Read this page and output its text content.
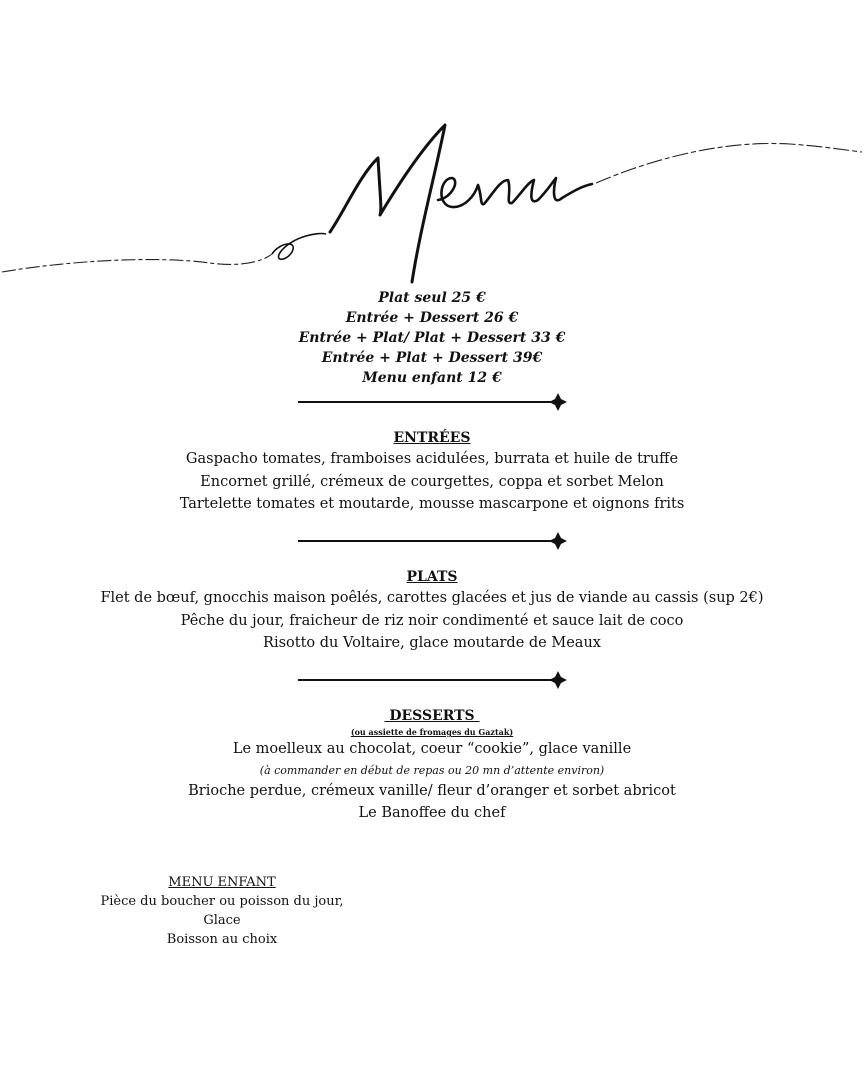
Plat seul 25 €
Entrée + Dessert 26 €
Entrée + Plat/ Plat + Dessert 33 €
Entrée + Plat + Dessert 39€
Menu enfant 12 €
ENTRÉES
Gaspacho tomates, framboises acidulées, burrata et huile de truffe
Encornet grillé, crémeux de courgettes, coppa et sorbet Melon
Tartelette tomates et moutarde, mousse mascarpone et oignons frits
PLATS
Flet de bœuf, gnocchis maison poêlés, carottes glacées et jus de viande au cassis (sup 2€)
Pêche du jour, fraicheur de riz noir condimenté et sauce lait de coco
Risotto du Voltaire, glace moutarde de Meaux
DESSERTS
(ou assiette de fromages du Gaztak)
Le moelleux au chocolat, coeur “cookie”, glace vanille
(à commander en début de repas ou 20 mn d’attente environ)
Brioche perdue, crémeux vanille/ fleur d’oranger et sorbet abricot
Le Banoffee du chef
MENU ENFANT
Pièce du boucher ou poisson du jour,
Glace
Boisson au choix
